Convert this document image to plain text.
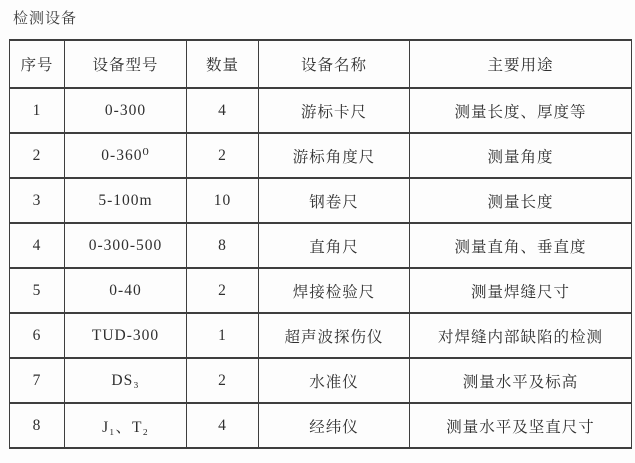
检测设备
序号	设备型号	数量	设备名称	主要用途
1	0-300	4	游标卡尺	测量长度、厚度等
2	0-360⁰	2	游标角度尺	测量角度
3	5-100m	10	钢卷尺	测量长度
4	0-300-500	8	直角尺	测量直角、垂直度
5	0-40	2	焊接检验尺	测量焊缝尺寸
6	TUD-300	1	超声波探伤仪	对焊缝内部缺陷的检测
7	DS₃	2	水准仪	测量水平及标高
8	J₁、T₂	4	经纬仪	测量水平及坚直尺寸
